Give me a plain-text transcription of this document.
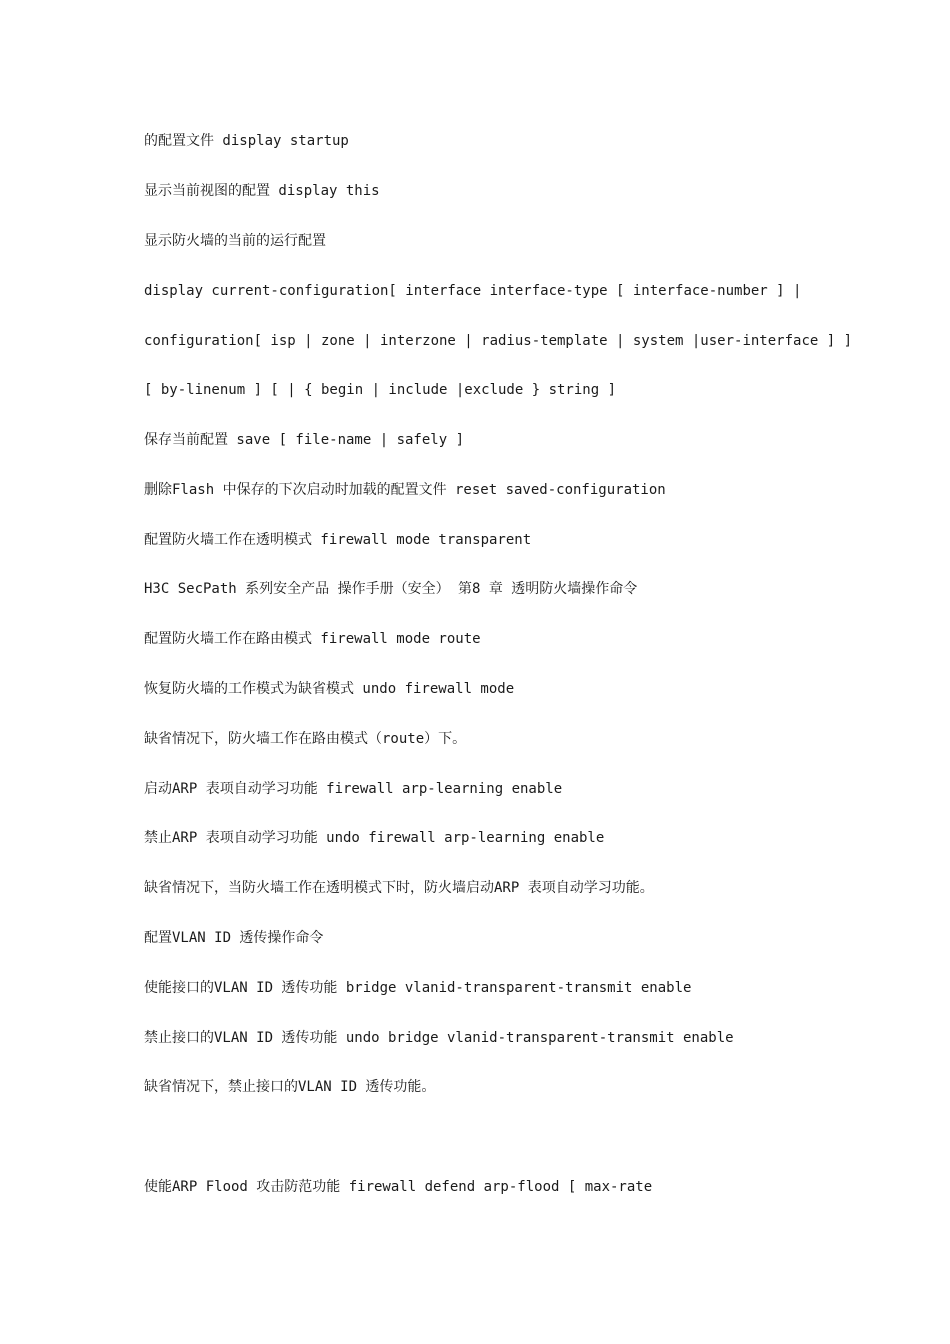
的配置文件 display startup
显示当前视图的配置 display this
显示防火墙的当前的运行配置
display current-configuration[ interface interface-type [ interface-number ] |
configuration[ isp | zone | interzone | radius-template | system |user-interface ] ]
[ by-linenum ] [ | { begin | include |exclude } string ]
保存当前配置 save [ file-name | safely ]
删除Flash 中保存的下次启动时加载的配置文件 reset saved-configuration
配置防火墙工作在透明模式 firewall mode transparent
H3C SecPath 系列安全产品 操作手册（安全） 第8 章 透明防火墙操作命令
配置防火墙工作在路由模式 firewall mode route
恢复防火墙的工作模式为缺省模式 undo firewall mode
缺省情况下，防火墙工作在路由模式（route）下。
启动ARP 表项自动学习功能 firewall arp-learning enable
禁止ARP 表项自动学习功能 undo firewall arp-learning enable
缺省情况下，当防火墙工作在透明模式下时，防火墙启动ARP 表项自动学习功能。
配置VLAN ID 透传操作命令
使能接口的VLAN ID 透传功能 bridge vlanid-transparent-transmit enable
禁止接口的VLAN ID 透传功能 undo bridge vlanid-transparent-transmit enable
缺省情况下，禁止接口的VLAN ID 透传功能。
使能ARP Flood 攻击防范功能 firewall defend arp-flood [ max-rate
